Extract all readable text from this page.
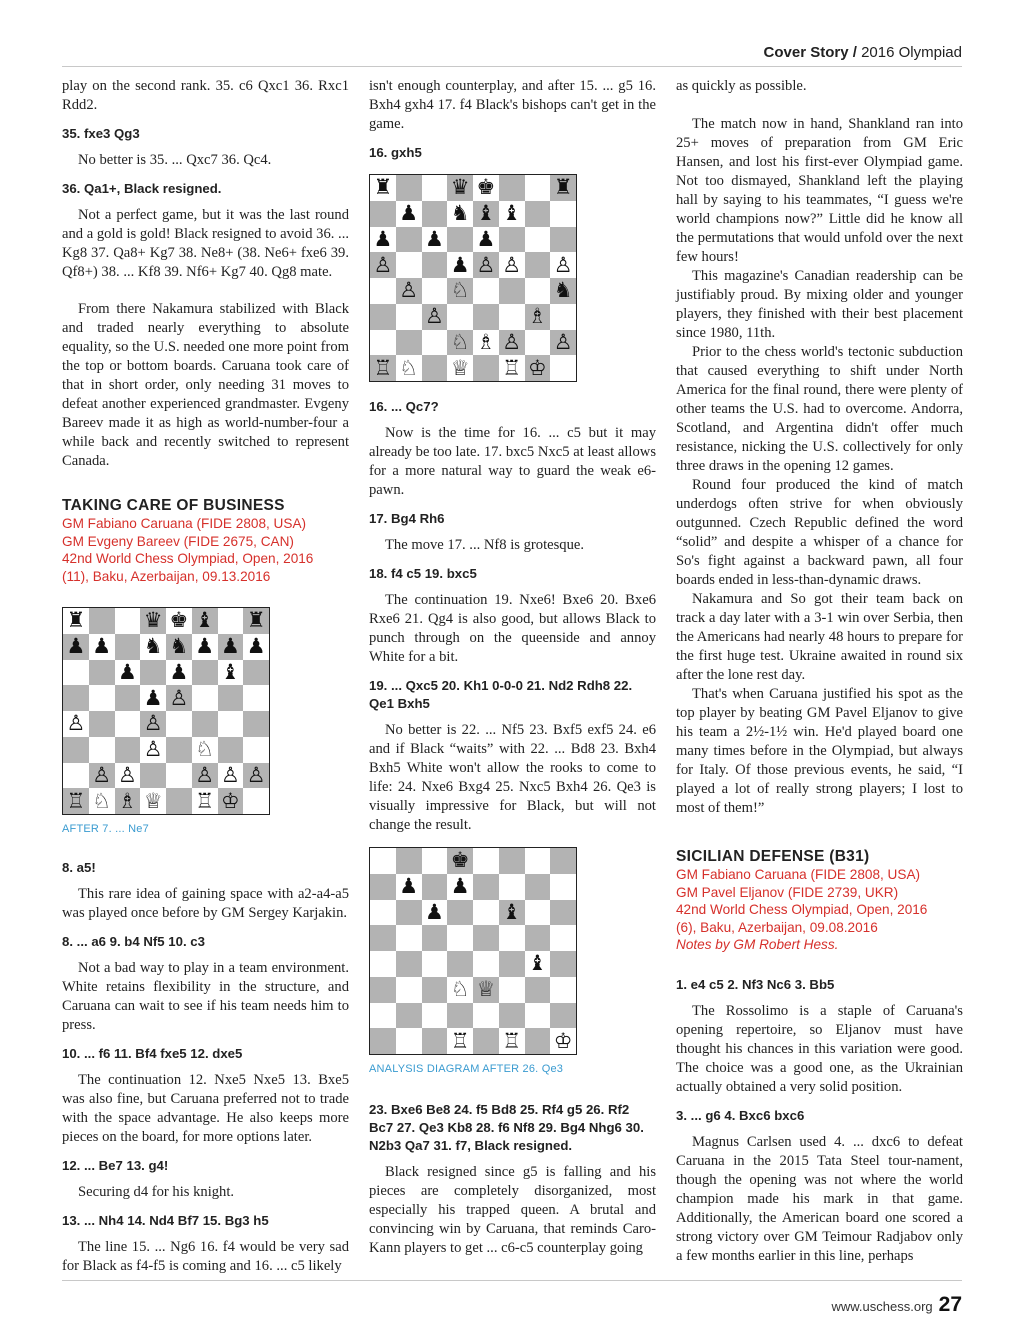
Cover Story / 2016 Olympiad

play on the second rank. 35. c6 Qxc1 36. Rxc1 Rdd2.

35. fxe3 Qg3

No better is 35. ... Qxc7 36. Qc4.

36. Qa1+, Black resigned.

Not a perfect game, but it was the last round and a gold is gold! Black resigned to avoid 36. ... Kg8 37. Qa8+ Kg7 38. Ne8+ (38. Ne6+ fxe6 39. Qf8+) 38. ... Kf8 39. Nf6+ Kg7 40. Qg8 mate.

From there Nakamura stabilized with Black and traded nearly everything to absolute equality, so the U.S. needed one more point from the top or bottom boards. Caruana took care of that in short order, only needing 31 moves to defeat another experienced grandmaster. Evgeny Bareev made it as high as world-number-four a while back and recently switched to represent Canada.

TAKING CARE OF BUSINESS
GM Fabiano Caruana (FIDE 2808, USA)
GM Evgeny Bareev (FIDE 2675, CAN)
42nd World Chess Olympiad, Open, 2016
(11), Baku, Azerbaijan, 09.13.2016
♜	♛ ♚ ♝ ♜
♟ ♟ ♞ ♞ ♟ ♟ ♟
♟ ♟ ♝
♟ ♙
♙	♙
♙ ♘
♙ ♙	♙ ♙ ♙
♖ ♘ ♗ ♕ ♖ ♔
AFTER 7. ... Ne7
8. a5!

This rare idea of gaining space with a2-a4-a5 was played once before by GM Sergey Karjakin.

8. ... a6 9. b4 Nf5 10. c3

Not a bad way to play in a team environment. White retains flexibility in the structure, and Caruana can wait to see if his team needs him to press.

10. ... f6 11. Bf4 fxe5 12. dxe5

The continuation 12. Nxe5 Nxe5 13. Bxe5 was also fine, but Caruana preferred not to trade with the space advantage. He also keeps more pieces on the board, for more options later.

12. ... Be7 13. g4!

Securing d4 for his knight.

13. ... Nh4 14. Nd4 Bf7 15. Bg3 h5

The line 15. ... Ng6 16. f4 would be very sad for Black as f4-f5 is coming and 16. ... c5 likely

isn't enough counterplay, and after 15. ... g5 16. Bxh4 gxh4 17. f4 Black's bishops can't get in the game.

16. gxh5
♜	♛ ♚	♜
♟ ♞ ♝ ♝
♟ ♟ ♟
♙	♟ ♙ ♙ ♙
♙ ♘	♞
♙	♗
♘ ♗ ♙ ♙
♖ ♘ ♕ ♖ ♔
16. ... Qc7?

Now is the time for 16. ... c5 but it may already be too late. 17. bxc5 Nxc5 at least allows for a more natural way to guard the weak e6-pawn.

17. Bg4 Rh6

The move 17. ... Nf8 is grotesque.

18. f4 c5 19. bxc5

The continuation 19. Nxe6! Bxe6 20. Bxe6 Rxe6 21. Qg4 is also good, but allows Black to punch through on the queenside and annoy White for a bit.

19. ... Qxc5 20. Kh1 0-0-0 21. Nd2 Rdh8 22. Qe1 Bxh5

No better is 22. ... Nf5 23. Bxf5 exf5 24. e6 and if Black “waits” with 22. ... Bd8 23. Bxh4 Bxh5 White won't allow the rooks to come to life: 24. Nxe6 Bxg4 25. Nxc5 Bxh4 26. Qe3 is visually impressive for Black, but will not change the result.

♚
♟ ♟
♟	♝
♝
♘ ♕
♖ ♖ ♔
ANALYSIS DIAGRAM AFTER 26. Qe3
23. Bxe6 Be8 24. f5 Bd8 25. Rf4 g5 26. Rf2 Bc7 27. Qe3 Kb8 28. f6 Nf8 29. Bg4 Nhg6 30. N2b3 Qa7 31. f7, Black resigned.

Black resigned since g5 is falling and his pieces are completely disorganized, most especially his trapped queen. A brutal and convincing win by Caruana, that reminds Caro-Kann players to get ... c6-c5 counterplay going

as quickly as possible.

The match now in hand, Shankland ran into 25+ moves of preparation from GM Eric Hansen, and lost his first-ever Olympiad game. Not too dismayed, Shankland left the playing hall by saying to his teammates, “I guess we're world champions now?” Little did he know all the permutations that would unfold over the next few hours!

This magazine's Canadian readership can be justifiably proud. By mixing older and younger players, they finished with their best placement since 1980, 11th.

Prior to the chess world's tectonic subduction that caused everything to shift under North America for the final round, there were plenty of other teams the U.S. had to overcome. Andorra, Scotland, and Argentina didn't offer much resistance, nicking the U.S. collectively for only three draws in the opening 12 games.

Round four produced the kind of match underdogs often strive for when obviously outgunned. Czech Republic defined the word “solid” and despite a whisper of a chance for So's fight against a backward pawn, all four boards ended in less-than-dynamic draws.

Nakamura and So got their team back on track a day later with a 3-1 win over Serbia, then the Americans had nearly 48 hours to prepare for the first huge test. Ukraine awaited in round six after the lone rest day.

That's when Caruana justified his spot as the top player by beating GM Pavel Eljanov to give his team a 2½-1½ win. He'd played board one many times before in the Olympiad, but always for Italy. Of those previous events, he said, “I played a lot of really strong players; I lost to most of them!”

SICILIAN DEFENSE (B31)
GM Fabiano Caruana (FIDE 2808, USA)
GM Pavel Eljanov (FIDE 2739, UKR)
42nd World Chess Olympiad, Open, 2016
(6), Baku, Azerbaijan, 09.08.2016
Notes by GM Robert Hess.
1. e4 c5 2. Nf3 Nc6 3. Bb5

The Rossolimo is a staple of Caruana's opening repertoire, so Eljanov must have thought his chances in this variation were good. The choice was a good one, as the Ukrainian actually obtained a very solid position.

3. ... g6 4. Bxc6 bxc6

Magnus Carlsen used 4. ... dxc6 to defeat Caruana in the 2015 Tata Steel tour-nament, though the opening was not where the world champion made his mark in that game. Additionally, the American board one scored a strong victory over GM Teimour Radjabov only a few months earlier in this line, perhaps

www.uschess.org 27
